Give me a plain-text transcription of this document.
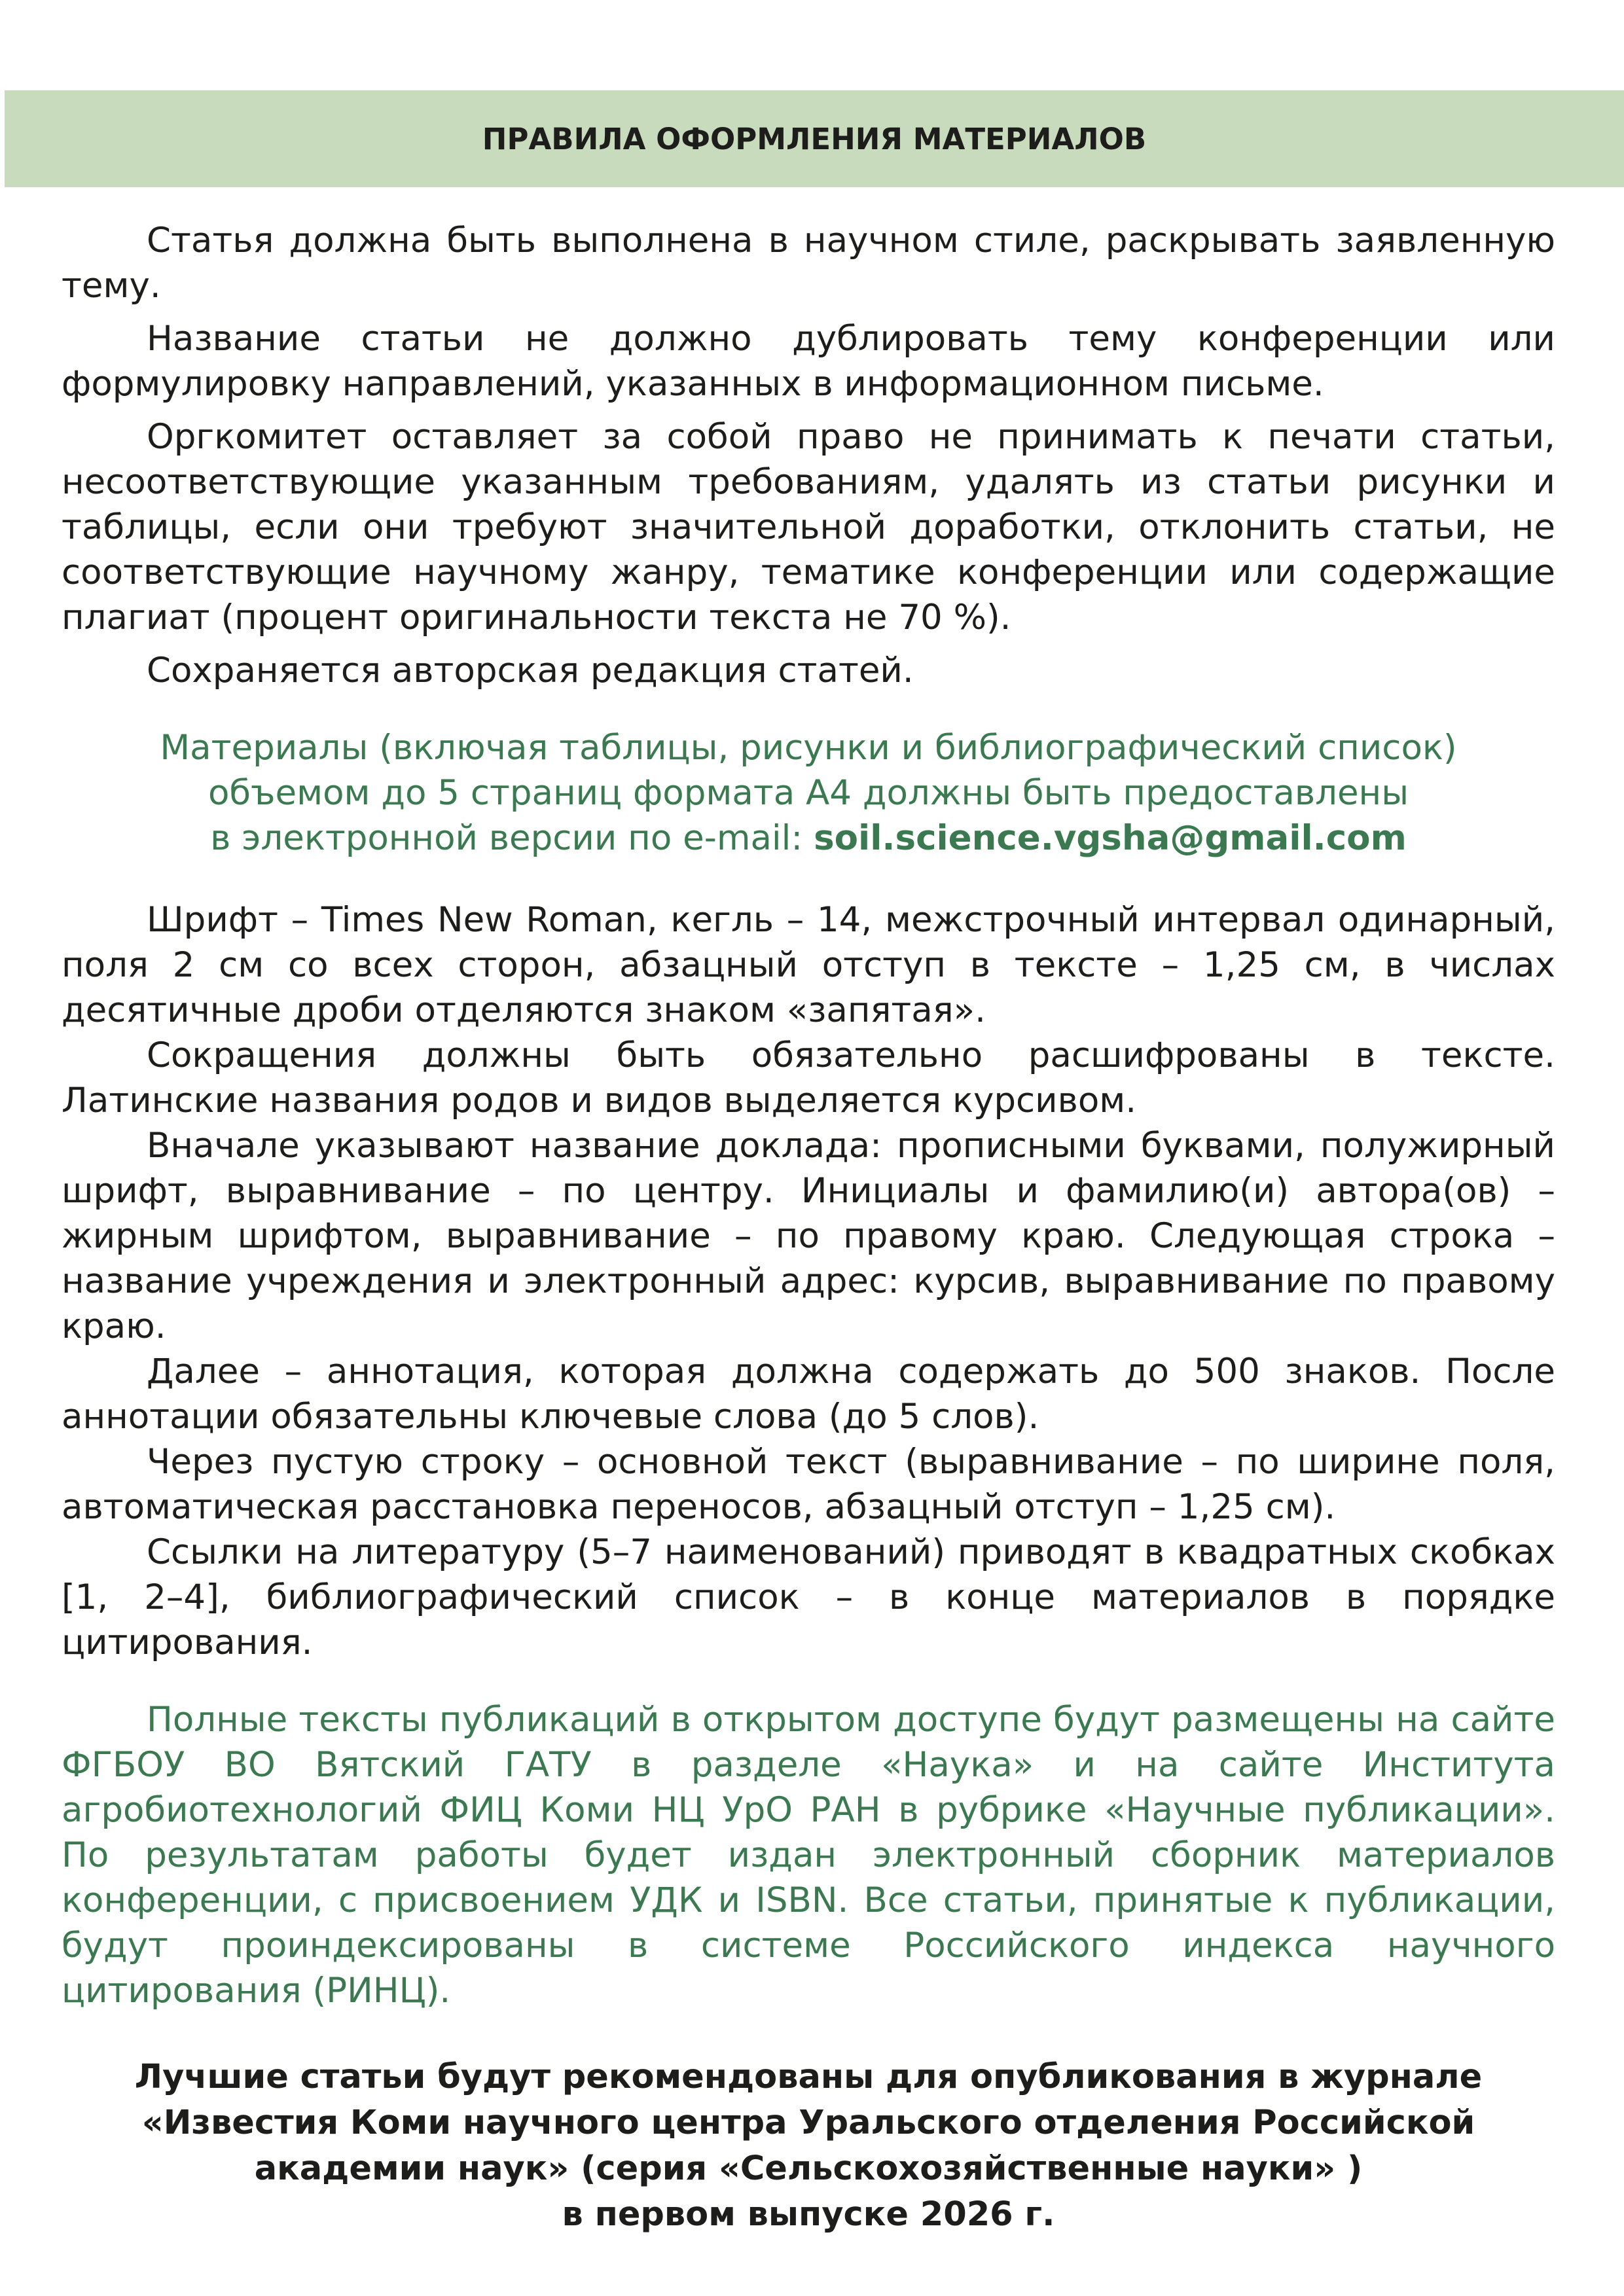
ПРАВИЛА ОФОРМЛЕНИЯ МАТЕРИАЛОВ

Статья должна быть выполнена в научном стиле, раскрывать заявленную тему.

Название статьи не должно дублировать тему конференции или формулировку направлений, указанных в информационном письме.

Оргкомитет оставляет за собой право не принимать к печати статьи, несоответствующие указанным требованиям, удалять из статьи рисунки и таблицы, если они требуют значительной доработки, отклонить статьи, не соответствующие научному жанру, тематике конференции или содержащие плагиат (процент оригинальности текста не 70 %).

Сохраняется авторская редакция статей.

Материалы (включая таблицы, рисунки и библиографический список)
объемом до 5 страниц формата А4 должны быть предоставлены
в электронной версии по e-mail: soil.science.vgsha@gmail.com

Шрифт – Times New Roman, кегль – 14, межстрочный интервал одинарный, поля 2 см со всех сторон, абзацный отступ в тексте – 1,25 см, в числах десятичные дроби отделяются знаком «запятая».

Сокращения должны быть обязательно расшифрованы в тексте. Латинские названия родов и видов выделяется курсивом.

Вначале указывают название доклада: прописными буквами, полужирный шрифт, выравнивание – по центру. Инициалы и фамилию(и) автора(ов) – жирным шрифтом, выравнивание – по правому краю. Следующая строка – название учреждения и электронный адрес: курсив, выравнивание по правому краю.

Далее – аннотация, которая должна содержать до 500 знаков. После аннотации обязательны ключевые слова (до 5 слов).

Через пустую строку – основной текст (выравнивание – по ширине поля, автоматическая расстановка переносов, абзацный отступ – 1,25 см).

Ссылки на литературу (5–7 наименований) приводят в квадратных скобках [1, 2–4], библиографический список – в конце материалов в порядке цитирования.

Полные тексты публикаций в открытом доступе будут размещены на сайте ФГБОУ ВО Вятский ГАТУ в разделе «Наука» и на сайте Института агробиотехнологий ФИЦ Коми НЦ УрО РАН в рубрике «Научные публикации». По результатам работы будет издан электронный сборник материалов конференции, с присвоением УДК и ISBN. Все статьи, принятые к публикации, будут проиндексированы в системе Российского индекса научного цитирования (РИНЦ).

Лучшие статьи будут рекомендованы для опубликования в журнале
«Известия Коми научного центра Уральского отделения Российской
академии наук» (серия «Сельскохозяйственные науки» )
в первом выпуске 2026 г.
